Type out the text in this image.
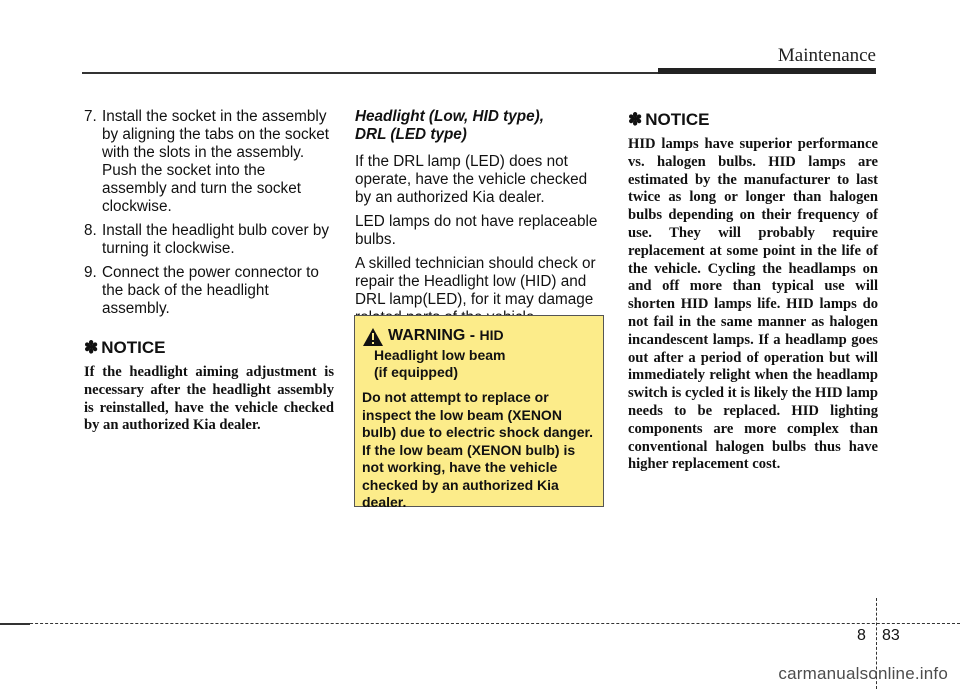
Maintenance
7. Install the socket in the assembly by aligning the tabs on the socket with the slots in the assembly. Push the socket into the assembly and turn the socket clockwise.
8. Install the headlight bulb cover by turning it clockwise.
9. Connect the power connector to the back of the headlight assembly.
✽ NOTICE

If the headlight aiming adjustment is necessary after the headlight assembly is reinstalled, have the vehicle checked by an authorized Kia dealer.

Headlight (Low, HID type),
DRL (LED type)

If the DRL lamp (LED) does not operate, have the vehicle checked by an authorized Kia dealer.

LED lamps do not have replaceable bulbs.

A skilled technician should check or repair the Headlight low (HID) and DRL lamp(LED), for it may damage

WARNING - HID
Headlight low beam
(if equipped)
Do not attempt to replace or inspect the low beam (XENON bulb) due to electric shock danger. If the low beam (XENON bulb) is not working, have the vehicle checked by an authorized Kia dealer.
✽ NOTICE

HID lamps have superior performance vs. halogen bulbs. HID lamps are estimated by the manufacturer to last twice as long or longer than halogen bulbs depending on their frequency of use. They will probably require replacement at some point in the life of the vehicle. Cycling the headlamps on and off more than typical use will shorten HID lamps life. HID lamps do not fail in the same manner as halogen incandescent lamps. If a headlamp goes out after a period of operation but will immediately relight when the headlamp switch is cycled it is likely the HID lamp needs to be replaced. HID lighting components are more complex than conventional halogen bulbs thus have higher replacement cost.

8 83
carmanualsonline.info
